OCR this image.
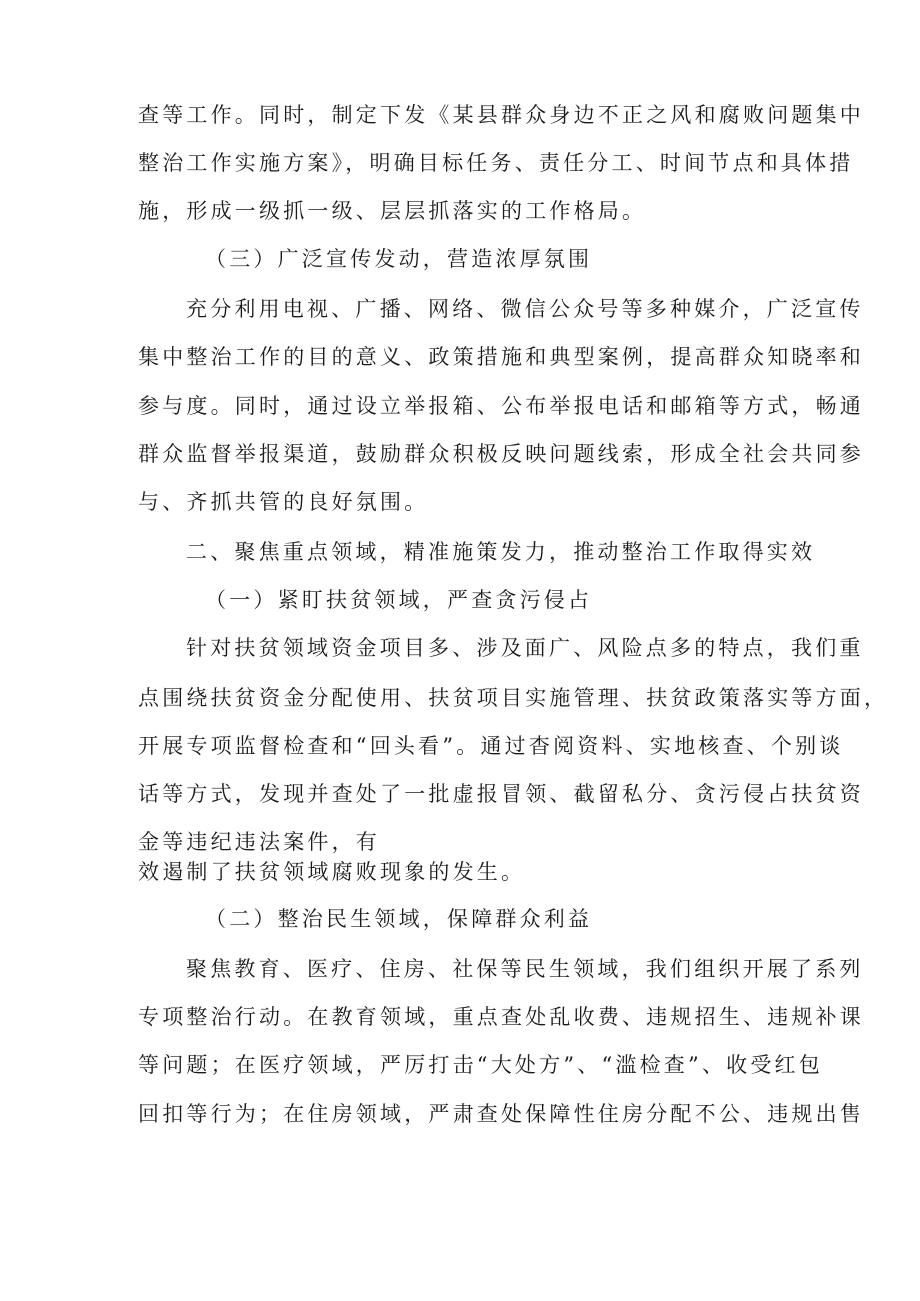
查等工作。同时，制定下发《某县群众身边不正之风和腐败问题集中
整治工作实施方案》，明确目标任务、责任分工、时间节点和具体措
施，形成一级抓一级、层层抓落实的工作格局。
（三）广泛宣传发动，营造浓厚氛围
充分利用电视、广播、网络、微信公众号等多种媒介，广泛宣传
集中整治工作的目的意义、政策措施和典型案例，提高群众知晓率和
参与度。同时，通过设立举报箱、公布举报电话和邮箱等方式，畅通
群众监督举报渠道，鼓励群众积极反映问题线索，形成全社会共同参
与、齐抓共管的良好氛围。
二、聚焦重点领域，精准施策发力，推动整治工作取得实效
（一）紧盯扶贫领域，严查贪污侵占
针对扶贫领域资金项目多、涉及面广、风险点多的特点，我们重
点围绕扶贫资金分配使用、扶贫项目实施管理、扶贫政策落实等方面，
开展专项监督检查和“回头看”。通过杳阅资料、实地核查、个别谈
话等方式，发现并查处了一批虚报冒领、截留私分、贪污侵占扶贫资
金等违纪违法案件，有
效遏制了扶贫领域腐败现象的发生。
（二）整治民生领域，保障群众利益
聚焦教育、医疗、住房、社保等民生领域，我们组织开展了系列
专项整治行动。在教育领域，重点查处乱收费、违规招生、违规补课
等问题；在医疗领域，严厉打击“大处方”、“滥检查”、收受红包
回扣等行为；在住房领域，严肃查处保障性住房分配不公、违规出售
